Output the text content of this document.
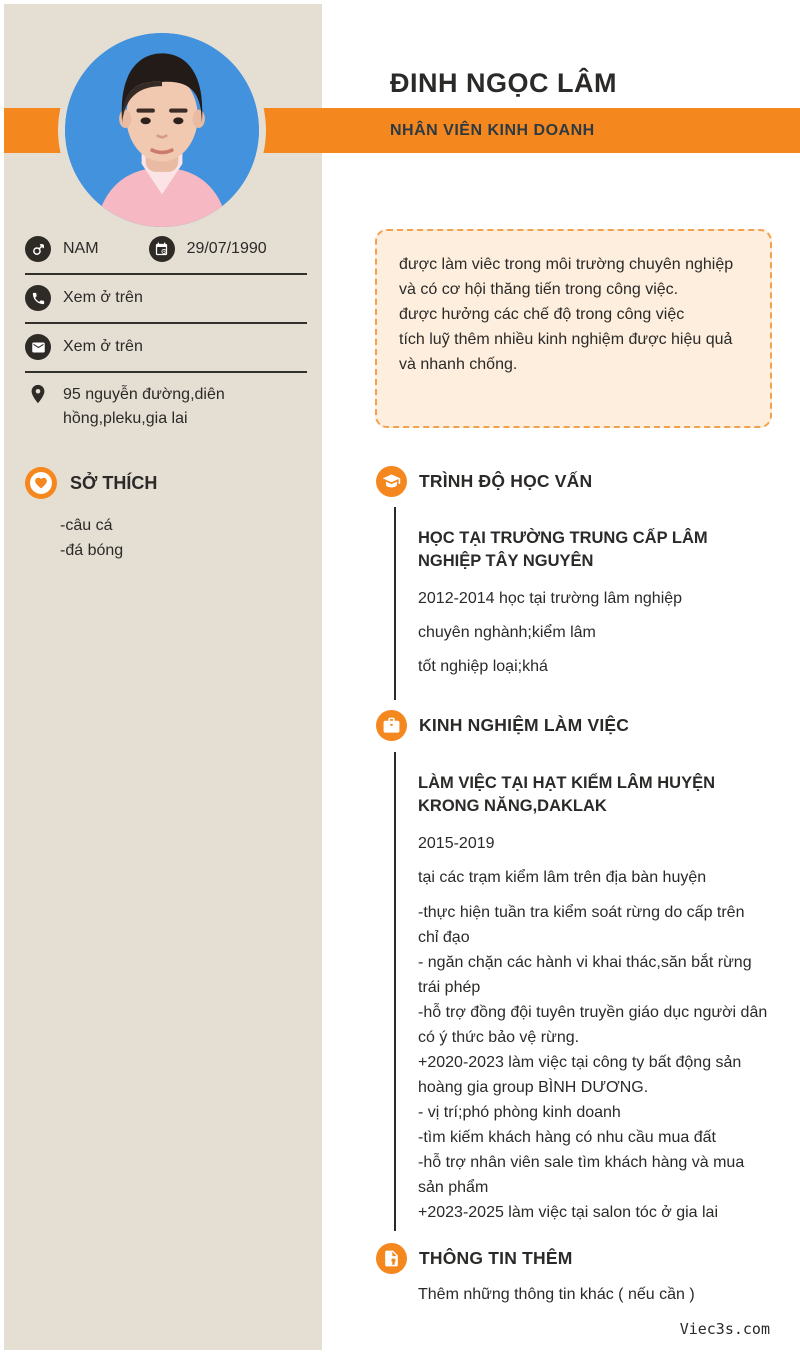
ĐINH NGỌC LÂM
NHÂN VIÊN KINH DOANH
NAM	29/07/1990
Xem ở trên
Xem ở trên
95 nguyễn đường,diên hồng,pleku,gia lai
SỞ THÍCH
-câu cá
-đá bóng
được làm viêc trong môi trường chuyên nghiệp và có cơ hội thăng tiến trong công việc.
được hưởng các chế độ trong công việc
tích luỹ thêm nhiều kinh nghiệm được hiệu quả và nhanh chống.
TRÌNH ĐỘ HỌC VẤN
HỌC TẠI TRƯỜNG TRUNG CẤP LÂM NGHIỆP TÂY NGUYÊN
2012-2014 học tại trường lâm nghiệp
chuyên nghành;kiểm lâm
tốt nghiệp loại;khá
KINH NGHIỆM LÀM VIỆC
LÀM VIỆC TẠI HẠT KIỂM LÂM HUYỆN KRONG NĂNG,DAKLAK
2015-2019
tại các trạm kiểm lâm trên địa bàn huyện
-thực hiện tuần tra kiểm soát rừng do cấp trên chỉ đạo
- ngăn chặn các hành vi khai thác,săn bắt rừng trái phép
-hỗ trợ đồng đội tuyên truyền giáo dục người dân có ý thức bảo vệ rừng.
+2020-2023 làm việc tại công ty bất động sản hoàng gia group BÌNH DƯƠNG.
- vị trí;phó phòng kinh doanh
-tìm kiếm khách hàng có nhu cầu mua đất
-hỗ trợ nhân viên sale tìm khách hàng và mua sản phẩm
+2023-2025 làm việc tại salon tóc ở gia lai
THÔNG TIN THÊM
Thêm những thông tin khác ( nếu cần )
Viec3s.com
